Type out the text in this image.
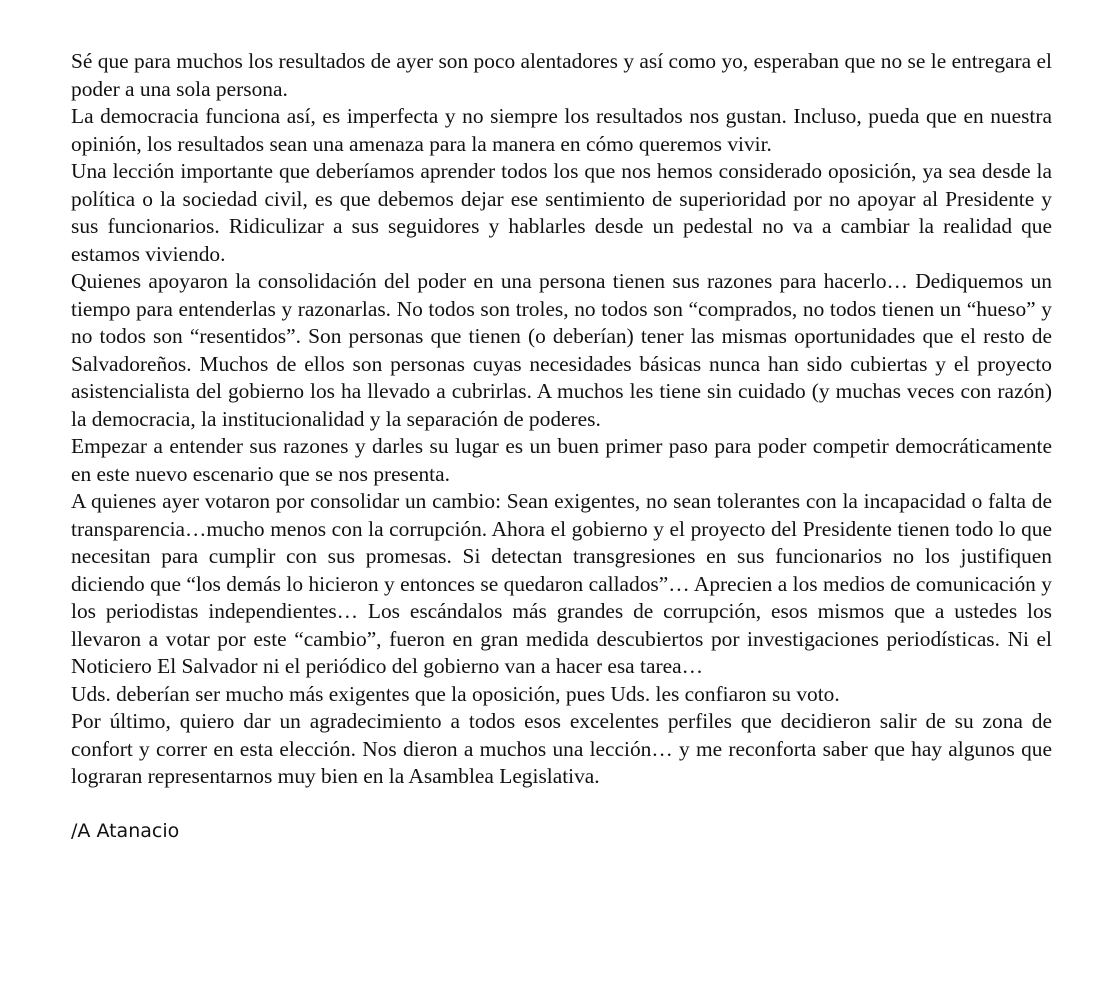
Sé que para muchos los resultados de ayer son poco alentadores y así como yo, esperaban que no se le entregara el poder a una sola persona.

La democracia funciona así, es imperfecta y no siempre los resultados nos gustan. Incluso, pueda que en nuestra opinión, los resultados sean una amenaza para la manera en cómo queremos vivir.

Una lección importante que deberíamos aprender todos los que nos hemos considerado oposición, ya sea desde la política o la sociedad civil, es que debemos dejar ese sentimiento de superioridad por no apoyar al Presidente y sus funcionarios. Ridiculizar a sus seguidores y hablarles desde un pedestal no va a cambiar la realidad que estamos viviendo.

Quienes apoyaron la consolidación del poder en una persona tienen sus razones para hacerlo… Dediquemos un tiempo para entenderlas y razonarlas. No todos son troles, no todos son “comprados, no todos tienen un “hueso” y no todos son “resentidos”. Son personas que tienen (o deberían) tener las mismas oportunidades que el resto de Salvadoreños. Muchos de ellos son personas cuyas necesidades básicas nunca han sido cubiertas y el proyecto asistencialista del gobierno los ha llevado a cubrirlas. A muchos les tiene sin cuidado (y muchas veces con razón) la democracia, la institucionalidad y la separación de poderes.

Empezar a entender sus razones y darles su lugar es un buen primer paso para poder competir democráticamente en este nuevo escenario que se nos presenta.

A quienes ayer votaron por consolidar un cambio: Sean exigentes, no sean tolerantes con la incapacidad o falta de transparencia…mucho menos con la corrupción. Ahora el gobierno y el proyecto del Presidente tienen todo lo que necesitan para cumplir con sus promesas. Si detectan transgresiones en sus funcionarios no los justifiquen diciendo que “los demás lo hicieron y entonces se quedaron callados”… Aprecien a los medios de comunicación y los periodistas independientes… Los escándalos más grandes de corrupción, esos mismos que a ustedes los llevaron a votar por este “cambio”, fueron en gran medida descubiertos por investigaciones periodísticas. Ni el Noticiero El Salvador ni el periódico del gobierno van a hacer esa tarea…

Uds. deberían ser mucho más exigentes que la oposición, pues Uds. les confiaron su voto.

Por último, quiero dar un agradecimiento a todos esos excelentes perfiles que decidieron salir de su zona de confort y correr en esta elección. Nos dieron a muchos una lección… y me reconforta saber que hay algunos que lograran representarnos muy bien en la Asamblea Legislativa.

/A Atanacio
